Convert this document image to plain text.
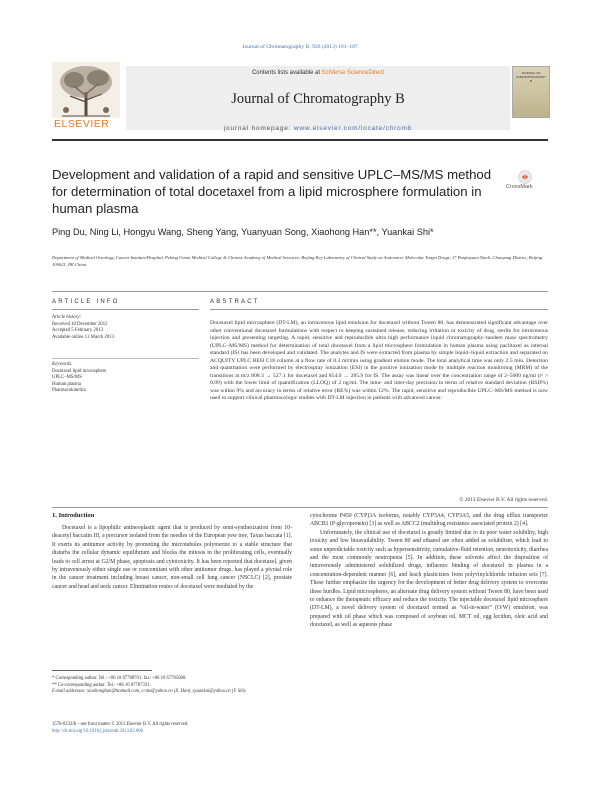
Journal of Chromatography B, 926 (2013) 101–107
ELSEVIER
Contents lists available at SciVerse ScienceDirect
Journal of Chromatography B
journal homepage: www.elsevier.com/locate/chromb
JOURNAL OF CHROMATOGRAPHY B
Development and validation of a rapid and sensitive UPLC–MS/MS method for determination of total docetaxel from a lipid microsphere formulation in human plasma
CrossMark
Ping Du, Ning Li, Hongyu Wang, Sheng Yang, Yuanyuan Song, Xiaohong Han**, Yuankai Shi*
Department of Medical Oncology, Cancer Institute/Hospital, Peking Union Medical College & Chinese Academy of Medical Sciences; Beijing Key Laboratory of Clinical Study on Anticancer Molecular Target Drugs, 17 Panjiayuan Nanli, Chaoyang District, Beijing 100021, PR China
ARTICLE INFO	ABSTRACT
Article history:
Received 10 December 2012
Accepted 5 February 2013
Available online 13 March 2013
Keywords:
Docetaxel lipid microsphere
UPLC–MS/MS
Human plasma
Pharmacokinetics
Docetaxel lipid microsphere (DT-LM), an intravenous lipid emulsion for docetaxel without Tween 80, has demonstrated significant advantage over other conventional docetaxel formulations with respect to keeping sustained release, reducing irritation or toxicity of drug, sterile for intravenous injection and presenting targeting. A rapid, sensitive and reproducible ultra high performance liquid chromatography–tandem mass spectrometry (UPLC–MS/MS) method for determination of total docetaxel from a lipid microsphere formulation in human plasma using paclitaxel as internal standard (IS) has been developed and validated. The analytes and IS were extracted from plasma by simple liquid–liquid extraction and separated on ACQUITY UPLC BEH C18 column at a flow rate of 0.3 ml/min using gradient elution mode. The total analytical time was only 2.5 min. Detection and quantitation were performed by electrospray ionization (ESI) in the positive ionization mode by multiple reaction monitoring (MRM) of the transitions at m/z 808.3 → 527.1 for docetaxel and 854.0 → 285.9 for IS. The assay was linear over the concentration range of 2–5000 ng/ml (r² > 0.99) with the lower limit of quantification (LLOQ) of 2 ng/ml. The intra- and inter-day precision in terms of relative standard deviation (RSD%) was within 9% and accuracy in terms of relative error (RE%) was within 12%. The rapid, sensitive and reproducible UPLC–MS/MS method is now used to support clinical pharmacologic studies with DT-LM injection in patients with advanced cancer.
© 2013 Elsevier B.V. All rights reserved.
1. Introduction

Docetaxel is a lipophilic antineoplastic agent that is produced by semi-synthesization from 10-deacetyl baccatin III, a precursor isolated from the needles of the European yew tree, Taxus baccata [1]. It exerts its antitumor activity by promoting the microtubules polymerize to a stable structure that disturbs the cellular dynamic equilibrium and blocks the mitosis in the proliferating cells, eventually leads to cell arrest at G2/M phase, apoptosis and cytotoxicity. It has been reported that docetaxel, given by intravenously either single use or concomitant with other antitumor drugs, has played a pivotal role in the cancer treatment including breast cancer, non-small cell lung cancer (NSCLC) [2], prostate cancer and head and neck cancer. Elimination routes of docetaxel were mediated by the

cytochrome P450 (CYP)3A isoforms, notably CYP3A4, CYP3A5, and the drug efflux transporter ABCB1 (P-glycoprotein) [3] as well as ABCC2 (multidrug resistance associated protein 2) [4].

Unfortunately, the clinical use of docetaxel is greatly limited due to its poor water solubility, high toxicity and low bioavailability. Tween 80 and ethanol are often added as solubiliser, which lead to some unpredictable toxicity such as hypersensitivity, cumulative-fluid retention, neurotoxicity, diarrhea and the most commonly neutropenia [5]. In addition, these solvents affect the disposition of intravenously administered solubilized drugs, influence binding of docetaxel in plasma in a concentration-dependent manner [6], and leach plasticizers from polyvinylchloride infusion sets [7]. These further emphasize the urgency for the development of better drug delivery system to overcome these hurdles. Lipid microspheres, an alternate drug delivery system without Tween 80, have been used to enhance the therapeutic efficacy and reduce the toxicity. The injectable docetaxel lipid microsphere (DT-LM), a novel delivery system of docetaxel termed as “oil-in-water” (O/W) emulsion, was prepared with oil phase which was composed of soybean oil, MCT oil, egg lecithin, oleic acid and docetaxel, as well as aqueous phase

* Corresponding author. Tel.: +86 10 87788701; fax: +86 10 67705068.
** Co-corresponding author. Tel.: +86 10 87787331.
E-mail addresses: xiaohonghan@hotmail.com, ccmo@yahoo.cn (X. Han), syuankai@yahoo.cn (Y. Shi).
1570-0232/$ – see front matter © 2013 Elsevier B.V. All rights reserved.
http://dx.doi.org/10.1016/j.jchromb.2013.02.006
